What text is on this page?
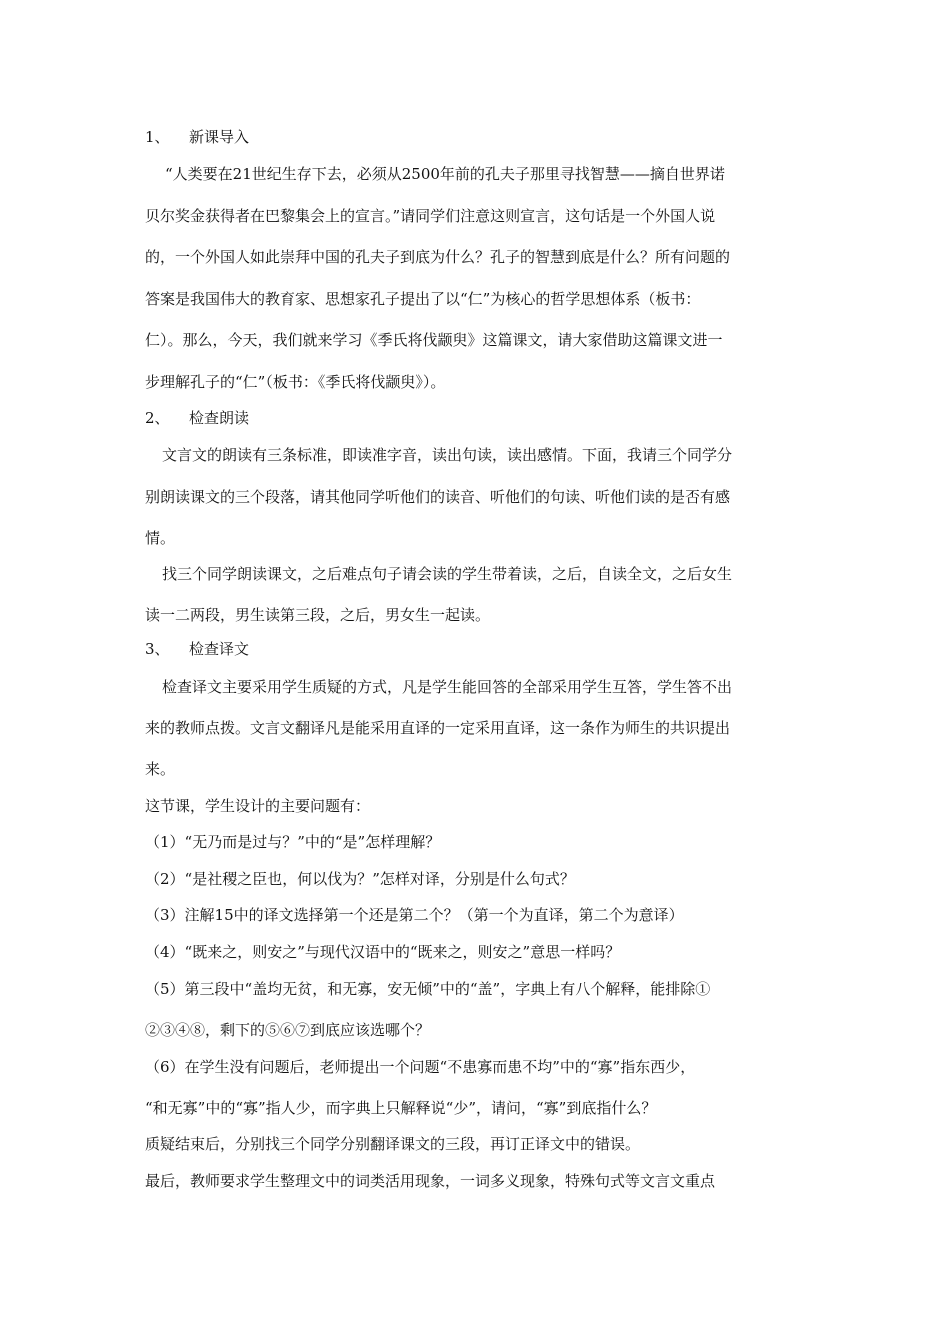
1、 新课导入
“人类要在21世纪生存下去，必须从2500年前的孔夫子那里寻找智慧——摘自世界诺
贝尔奖金获得者在巴黎集会上的宣言。”请同学们注意这则宣言，这句话是一个外国人说
的，一个外国人如此崇拜中国的孔夫子到底为什么？孔子的智慧到底是什么？所有问题的
答案是我国伟大的教育家、思想家孔子提出了以“仁”为核心的哲学思想体系（板书：
仁）。那么，今天，我们就来学习《季氏将伐颛臾》这篇课文，请大家借助这篇课文进一
步理解孔子的“仁”（板书：《季氏将伐颛臾》）。
2、 检查朗读
文言文的朗读有三条标准，即读准字音，读出句读，读出感情。下面，我请三个同学分
别朗读课文的三个段落，请其他同学听他们的读音、听他们的句读、听他们读的是否有感
情。
找三个同学朗读课文，之后难点句子请会读的学生带着读，之后，自读全文，之后女生
读一二两段，男生读第三段，之后，男女生一起读。
3、 检查译文
检查译文主要采用学生质疑的方式，凡是学生能回答的全部采用学生互答，学生答不出
来的教师点拨。文言文翻译凡是能采用直译的一定采用直译，这一条作为师生的共识提出
来。
这节课，学生设计的主要问题有：
（1）“无乃而是过与？”中的“是”怎样理解？
（2）“是社稷之臣也，何以伐为？”怎样对译，分别是什么句式？
（3）注解15中的译文选择第一个还是第二个？（第一个为直译，第二个为意译）
（4）“既来之，则安之”与现代汉语中的“既来之，则安之”意思一样吗？
（5）第三段中“盖均无贫，和无寡，安无倾”中的“盖”，字典上有八个解释，能排除①
②③④⑧，剩下的⑤⑥⑦到底应该选哪个？
（6）在学生没有问题后，老师提出一个问题“不患寡而患不均”中的“寡”指东西少，
“和无寡”中的“寡”指人少，而字典上只解释说“少”，请问，“寡”到底指什么？
质疑结束后，分别找三个同学分别翻译课文的三段，再订正译文中的错误。
最后，教师要求学生整理文中的词类活用现象，一词多义现象，特殊句式等文言文重点
